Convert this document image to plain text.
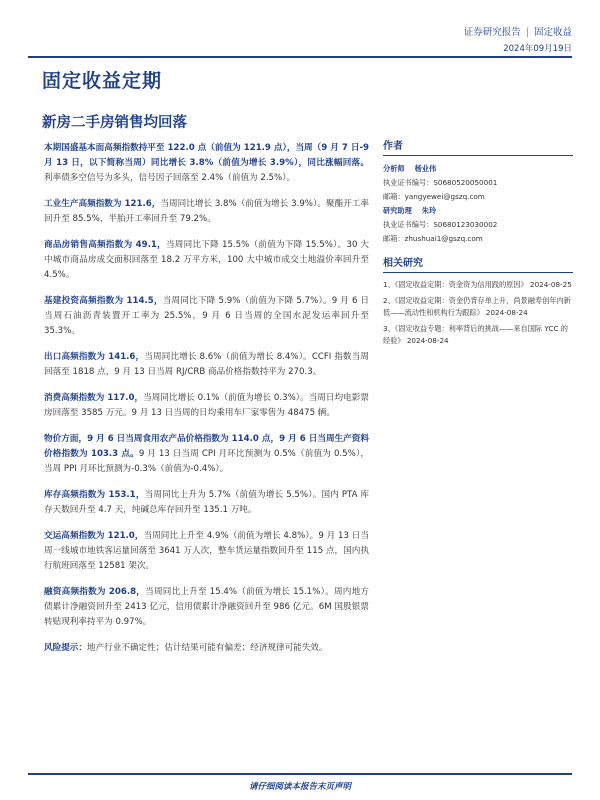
证券研究报告 | 固定收益
2024年09月19日
固定收益定期
新房二手房销售均回落

本期国盛基本面高频指数持平至 122.0 点（前值为 121.9 点），当周（9 月 7 日-9 月 13 日，以下简称当周）同比增长 3.8%（前值为增长 3.9%），同比涨幅回落。利率债多空信号为多头，信号因子回落至 2.4%（前值为 2.5%）。

工业生产高频指数为 121.6，当周同比增长 3.8%（前值为增长 3.9%）。聚酯开工率回升至 85.5%，半胎开工率回升至 79.2%。

商品房销售高频指数为 49.1，当周同比下降 15.5%（前值为下降 15.5%）。30 大中城市商品房成交面积回落至 18.2 万平方米，100 大中城市成交土地溢价率回升至 4.5%。

基建投资高频指数为 114.5，当周同比下降 5.9%（前值为下降 5.7%）。9 月 6 日当周石油沥青装置开工率为 25.5%，9 月 6 日当周的全国水泥发运率回升至 35.3%。

出口高频指数为 141.6，当周同比增长 8.6%（前值为增长 8.4%）。CCFI 指数当周回落至 1818 点，9 月 13 日当周 RJ/CRB 商品价格指数持平为 270.3。

消费高频指数为 117.0，当周同比增长 0.1%（前值为增长 0.3%）。当周日均电影票房回落至 3585 万元。9 月 13 日当周的日均乘用车厂家零售为 48475 辆。

物价方面，9 月 6 日当周食用农产品价格指数为 114.0 点，9 月 6 日当周生产资料价格指数为 103.3 点。9 月 13 日当周 CPI 月环比预测为 0.5%（前值为 0.5%），当周 PPI 月环比预测为-0.3%（前值为-0.4%）。

库存高频指数为 153.1，当周同比上升为 5.7%（前值为增长 5.5%）。国内 PTA 库存天数回升至 4.7 天，纯碱总库存回升至 135.1 万吨。

交运高频指数为 121.0，当周同比上升至 4.9%（前值为增长 4.8%）。9 月 13 日当周一线城市地铁客运量回落至 3641 万人次，整车货运量指数回升至 115 点，国内执行航班回落至 12581 架次。

融资高频指数为 206.8，当周同比上升至 15.4%（前值为增长 15.1%）。周内地方债累计净融资回升至 2413 亿元，信用债累计净融资回升至 986 亿元。6M 国股银票转贴现利率持平为 0.97%。

风险提示：地产行业不确定性；估计结果可能有偏差；经济规律可能失效。

作者
分析师 杨业伟
执业证书编号：S0680520050001
邮箱：yangyewei@gszq.com
研究助理 朱玲
执业证书编号：S0680123030002
邮箱：zhushuai1@gszq.com
相关研究
1、《固定收益定期：资金资为信用践的原因》 2024-08-25
2、《固定收益定期：资金仍背存单上升，尚景融寿创年内新低——流动性和机构行为跟踪》 2024-08-24
3、《固定收益专题：利率背后的挑战——来自国际 YCC 的经验》 2024-08-24
请仔细阅读本报告末页声明
